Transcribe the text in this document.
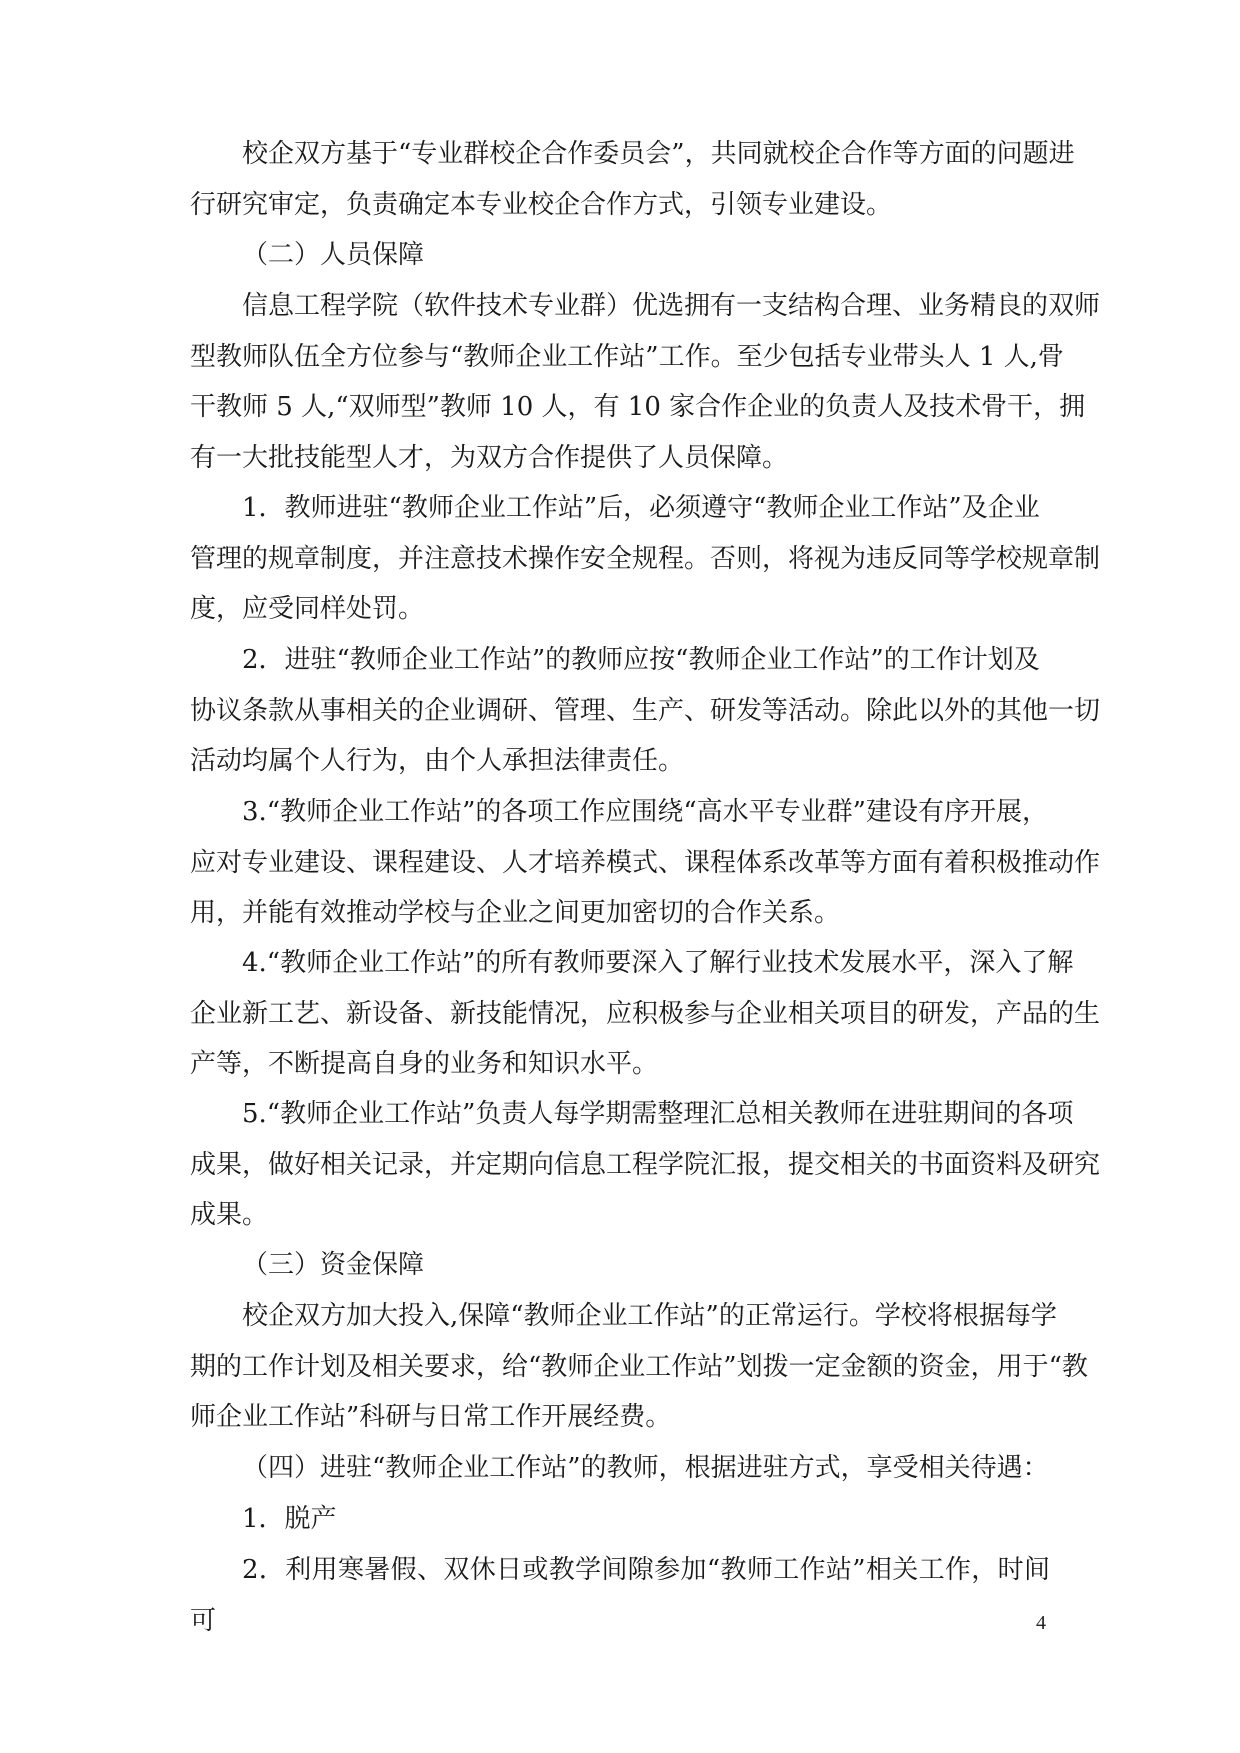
校企双方基于“专业群校企合作委员会”，共同就校企合作等方面的问题进
行研究审定，负责确定本专业校企合作方式，引领专业建设。

（二）人员保障

信息工程学院（软件技术专业群）优选拥有一支结构合理、业务精良的双师
型教师队伍全方位参与“教师企业工作站”工作。至少包括专业带头人 1 人,骨
干教师 5 人,“双师型”教师 10 人，有 10 家合作企业的负责人及技术骨干，拥
有一大批技能型人才，为双方合作提供了人员保障。

1．教师进驻“教师企业工作站”后，必须遵守“教师企业工作站”及企业
管理的规章制度，并注意技术操作安全规程。否则，将视为违反同等学校规章制
度，应受同样处罚。

2．进驻“教师企业工作站”的教师应按“教师企业工作站”的工作计划及
协议条款从事相关的企业调研、管理、生产、研发等活动。除此以外的其他一切
活动均属个人行为，由个人承担法律责任。

3.“教师企业工作站”的各项工作应围绕“高水平专业群”建设有序开展，
应对专业建设、课程建设、人才培养模式、课程体系改革等方面有着积极推动作
用，并能有效推动学校与企业之间更加密切的合作关系。

4.“教师企业工作站”的所有教师要深入了解行业技术发展水平，深入了解
企业新工艺、新设备、新技能情况，应积极参与企业相关项目的研发，产品的生
产等，不断提高自身的业务和知识水平。

5.“教师企业工作站”负责人每学期需整理汇总相关教师在进驻期间的各项
成果，做好相关记录，并定期向信息工程学院汇报，提交相关的书面资料及研究
成果。

（三）资金保障

校企双方加大投入,保障“教师企业工作站”的正常运行。学校将根据每学
期的工作计划及相关要求，给“教师企业工作站”划拨一定金额的资金，用于“教
师企业工作站”科研与日常工作开展经费。

（四）进驻“教师企业工作站”的教师，根据进驻方式，享受相关待遇：

1．脱产

2．利用寒暑假、双休日或教学间隙参加“教师工作站”相关工作，时间可	4
